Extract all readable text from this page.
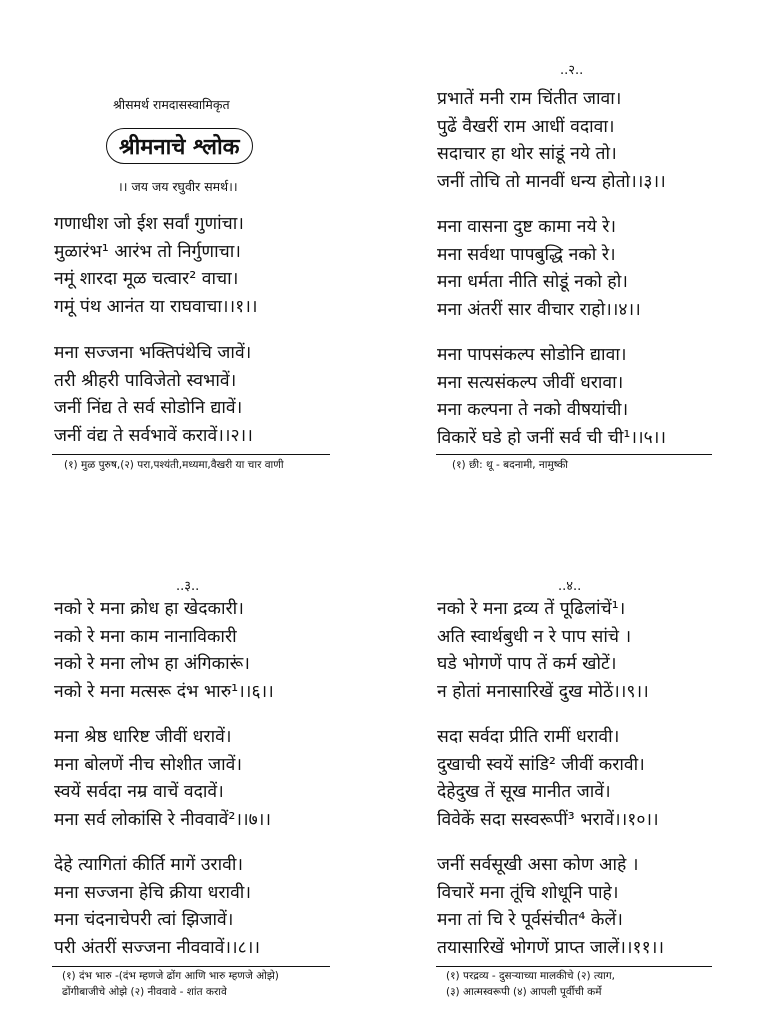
श्रीसमर्थ रामदासस्वामिकृत
श्रीमनाचे श्लोक
।। जय जय रघुवीर समर्थ।।
गणाधीश जो ईश सर्वां गुणांचा।
मुळारंभ¹ आरंभ तो निर्गुणाचा।
नमूं शारदा मूळ चत्वार² वाचा।
गमूं पंथ आनंत या राघवाचा।।१।।
मना सज्जना भक्तिपंथेचि जावें।
तरी श्रीहरी पाविजेतो स्वभावें।
जनीं निंद्य ते सर्व सोडोनि द्यावें।
जनीं वंद्य ते सर्वभावें करावें।।२।।
(१) मुळ पुरुष,(२) परा,पश्यंती,मध्यमा,वैखरी या चार वाणी
..२..
प्रभातें मनी राम चिंतीत जावा।
पुढें वैखरीं राम आधीं वदावा।
सदाचार हा थोर सांडूं नये तो।
जनीं तोचि तो मानवीं धन्य होतो।।३।।
मना वासना दुष्ट कामा नये रे।
मना सर्वथा पापबुद्धि नको रे।
मना धर्मता नीति सोडूं नको हो।
मना अंतरीं सार वीचार राहो।।४।।
मना पापसंकल्प सोडोनि द्यावा।
मना सत्यसंकल्प जीवीं धरावा।
मना कल्पना ते नको वीषयांची।
विकारें घडे हो जनीं सर्व ची ची¹।।५।।
(१) छी: थू - बदनामी, नामुष्की
..३..
नको रे मना क्रोध हा खेदकारी।
नको रे मना काम नानाविकारी
नको रे मना लोभ हा अंगिकारूं।
नको रे मना मत्सरू दंभ भारु¹।।६।।
मना श्रेष्ठ धारिष्ट जीवीं धरावें।
मना बोलणें नीच सोशीत जावें।
स्वयें सर्वदा नम्र वाचें वदावें।
मना सर्व लोकांसि रे नीववावें²।।७।।
देहे त्यागितां कीर्ति मागें उरावी।
मना सज्जना हेचि क्रीया धरावी।
मना चंदनाचेपरी त्वां झिजावें।
परी अंतरीं सज्जना नीववावें।।८।।
(१) दंभ भारु -(दंभ म्हणजे ढोंग आणि भारु म्हणजे ओझे)
ढोंगीबाजीचे ओझे (२) नीववावे - शांत करावे
..४..
नको रे मना द्रव्य तें पूढिलांचें¹।
अति स्वार्थबुधी न रे पाप सांचे ।
घडे भोगणें पाप तें कर्म खोटें।
न होतां मनासारिखें दुख मोठें।।९।।
सदा सर्वदा प्रीति रामीं धरावी।
दुखाची स्वयें सांडि² जीवीं करावी।
देहेदुख तें सूख मानीत जावें।
विवेकें सदा सस्वरूपीं³ भरावें।।१०।।
जनीं सर्वसूखी असा कोण आहे ।
विचारें मना तूंचि शोधूनि पाहे।
मना तां चि रे पूर्वसंचीत⁴ केलें।
तयासारिखें भोगणें प्राप्त जालें।।११।।
(१) परद्रव्य - दुसऱ्याच्या मालकीचे (२) त्याग,
(३) आत्मस्वरूपी (४) आपली पूर्वीची कर्मे
